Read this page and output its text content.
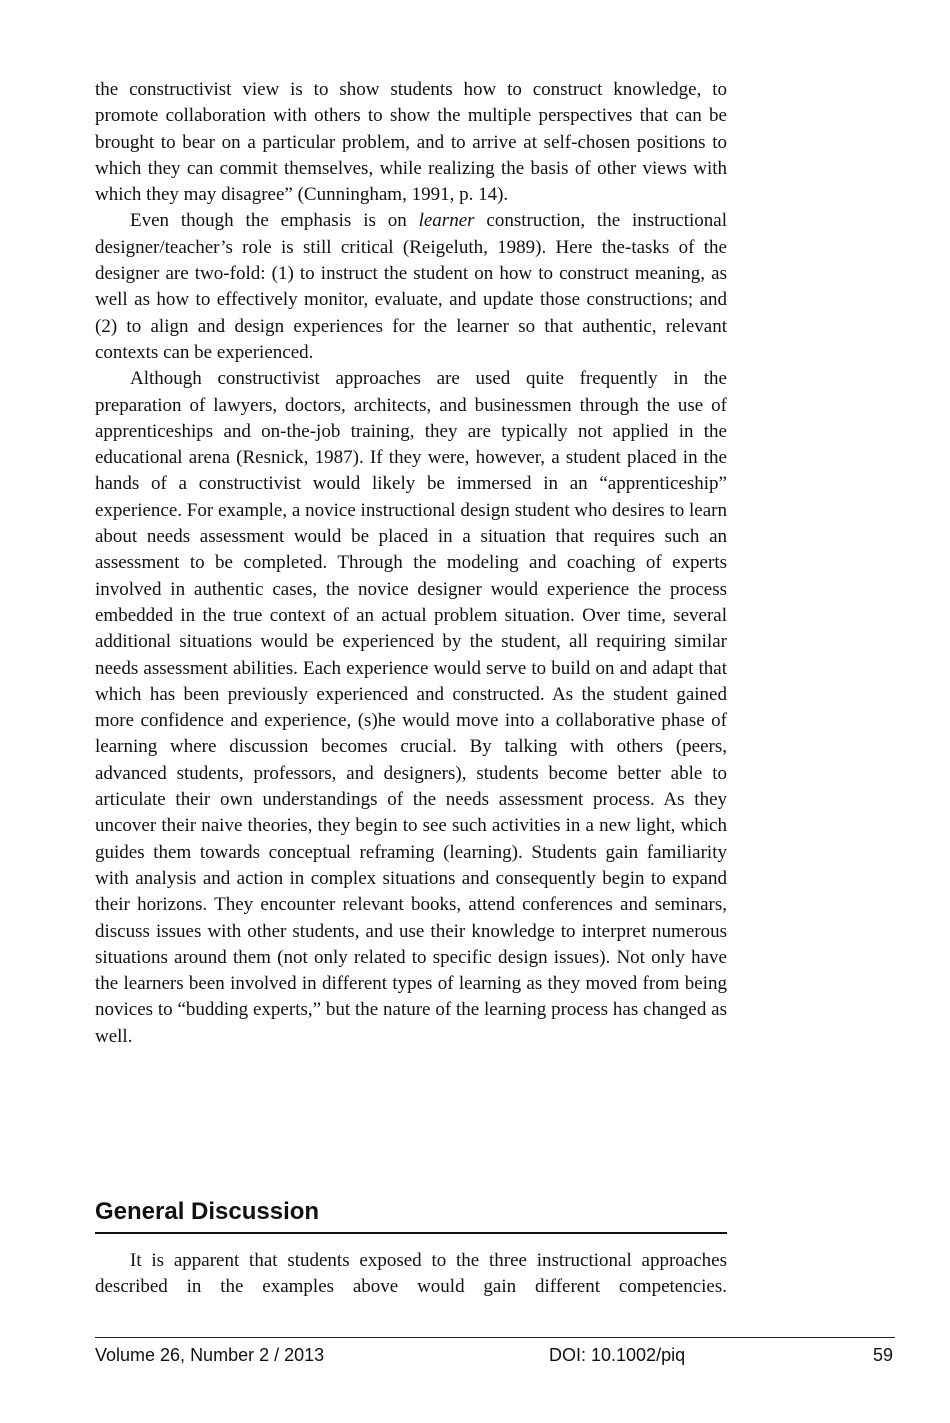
the constructivist view is to show students how to construct knowledge, to promote collaboration with others to show the multiple perspectives that can be brought to bear on a particular problem, and to arrive at self-chosen positions to which they can commit themselves, while realizing the basis of other views with which they may disagree” (Cunningham, 1991, p. 14).

Even though the emphasis is on learner construction, the instructional designer/teacher’s role is still critical (Reigeluth, 1989). Here the-tasks of the designer are two-fold: (1) to instruct the student on how to construct meaning, as well as how to effectively monitor, evaluate, and update those constructions; and (2) to align and design experiences for the learner so that authentic, relevant contexts can be experienced.

Although constructivist approaches are used quite frequently in the preparation of lawyers, doctors, architects, and businessmen through the use of apprenticeships and on-the-job training, they are typically not applied in the educational arena (Resnick, 1987). If they were, however, a student placed in the hands of a constructivist would likely be immersed in an “apprenticeship” experience. For example, a novice instructional design student who desires to learn about needs assessment would be placed in a situation that requires such an assessment to be completed. Through the modeling and coaching of experts involved in authentic cases, the novice designer would experience the process embedded in the true context of an actual problem situation. Over time, several additional situations would be experienced by the student, all requiring similar needs assessment abilities. Each experience would serve to build on and adapt that which has been previously experienced and constructed. As the student gained more confidence and experience, (s)he would move into a collaborative phase of learning where discussion becomes crucial. By talking with others (peers, advanced students, professors, and designers), students become better able to articulate their own understandings of the needs assessment process. As they uncover their naive theories, they begin to see such activities in a new light, which guides them towards conceptual reframing (learning). Students gain familiarity with analysis and action in complex situations and consequently begin to expand their horizons. They encounter relevant books, attend conferences and seminars, discuss issues with other students, and use their knowledge to interpret numerous situations around them (not only related to specific design issues). Not only have the learners been involved in different types of learning as they moved from being novices to “budding experts,” but the nature of the learning process has changed as well.

General Discussion

It is apparent that students exposed to the three instructional approaches described in the examples above would gain different competencies.

Volume 26, Number 2 / 2013	DOI: 10.1002/piq	59
